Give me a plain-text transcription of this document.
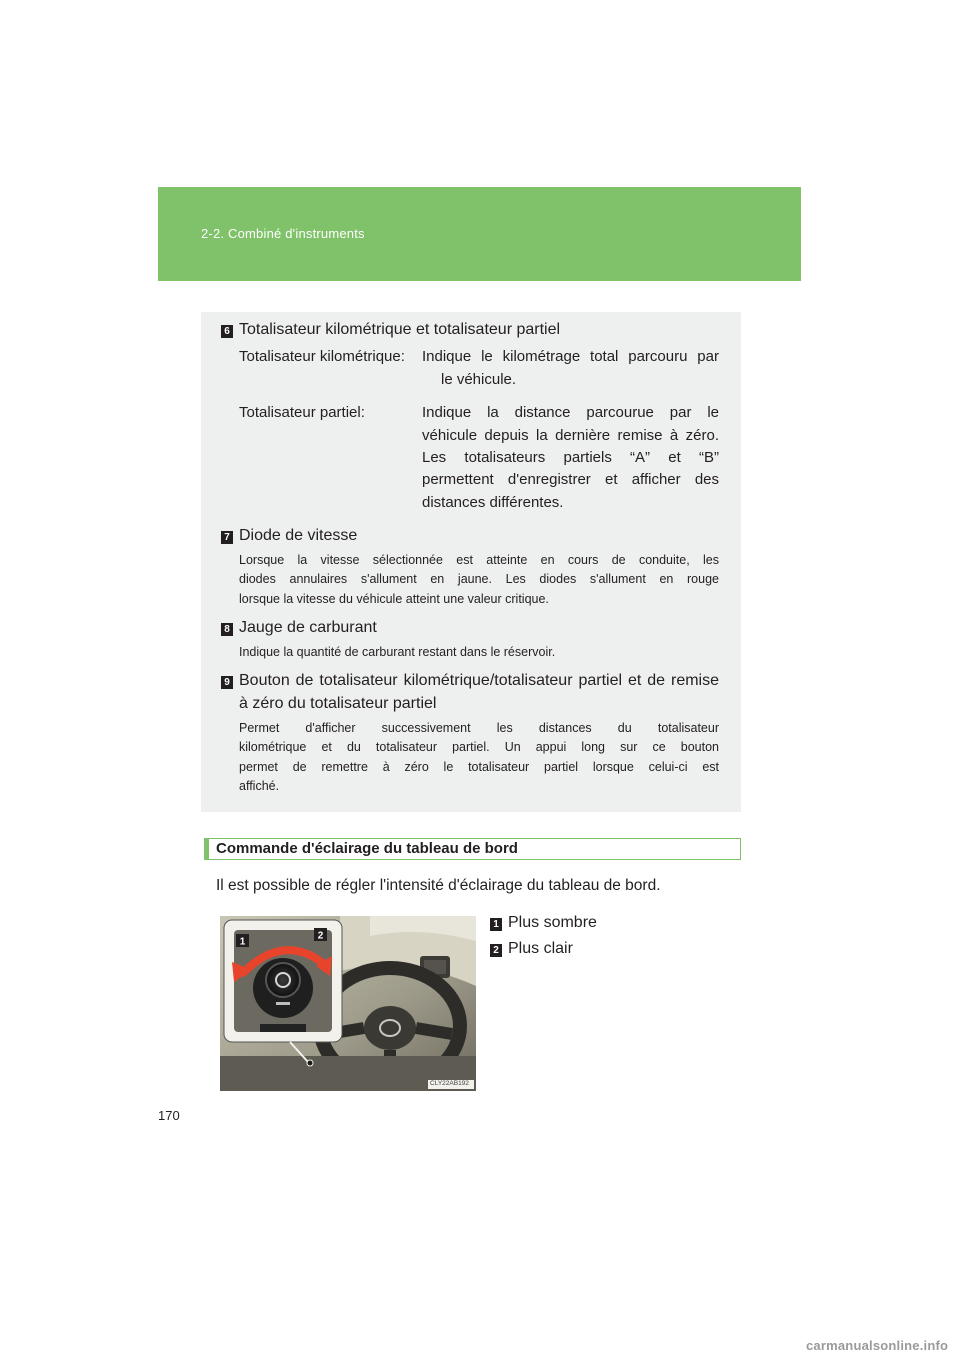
2-2. Combiné d'instruments
6 Totalisateur kilométrique et totalisateur partiel
Totalisateur kilométrique: Indique le kilométrage total parcouru par
le véhicule.
Totalisateur partiel:	Indique la distance parcourue par le
véhicule depuis la dernière remise à zéro.
Les totalisateurs partiels “A” et “B”
permettent d'enregistrer et afficher des
distances différentes.
7 Diode de vitesse
Lorsque la vitesse sélectionnée est atteinte en cours de conduite, les
diodes annulaires s'allument en jaune. Les diodes s'allument en rouge
lorsque la vitesse du véhicule atteint une valeur critique.
8 Jauge de carburant
Indique la quantité de carburant restant dans le réservoir.
9 Bouton de totalisateur kilométrique/totalisateur partiel et de remise
à zéro du totalisateur partiel
Permet d'afficher successivement les distances du totalisateur
kilométrique et du totalisateur partiel. Un appui long sur ce bouton
permet de remettre à zéro le totalisateur partiel lorsque celui-ci est
affiché.
Commande d'éclairage du tableau de bord
Il est possible de régler l'intensité d'éclairage du tableau de bord.
1
2
CLY22AB192
1 Plus sombre
2 Plus clair
170
carmanualsonline.info
